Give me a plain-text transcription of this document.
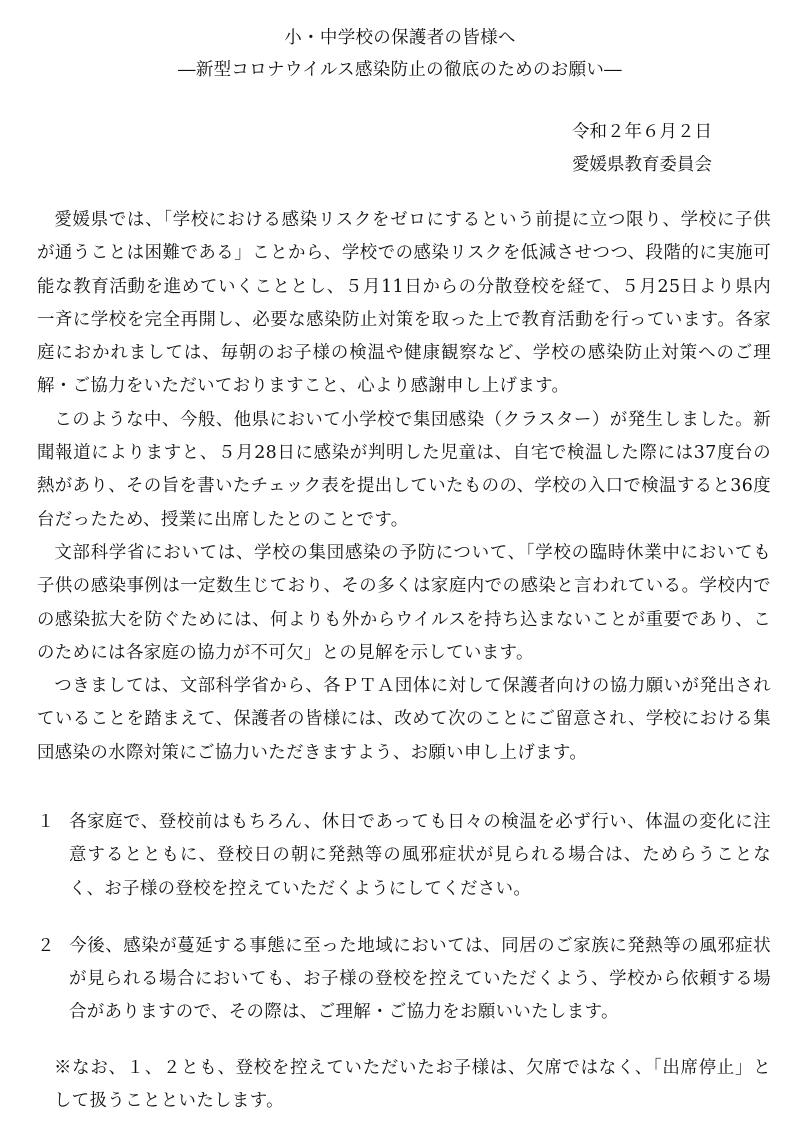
小・中学校の保護者の皆様へ
―新型コロナウイルス感染防止の徹底のためのお願い―
令和２年６月２日
愛媛県教育委員会

愛媛県では、「学校における感染リスクをゼロにするという前提に立つ限り、学校に子供が通うことは困難である」ことから、学校での感染リスクを低減させつつ、段階的に実施可能な教育活動を進めていくこととし、５月11日からの分散登校を経て、５月25日より県内一斉に学校を完全再開し、必要な感染防止対策を取った上で教育活動を行っています。各家庭におかれましては、毎朝のお子様の検温や健康観察など、学校の感染防止対策へのご理解・ご協力をいただいておりますこと、心より感謝申し上げます。

このような中、今般、他県において小学校で集団感染（クラスター）が発生しました。新聞報道によりますと、５月28日に感染が判明した児童は、自宅で検温した際には37度台の熱があり、その旨を書いたチェック表を提出していたものの、学校の入口で検温すると36度台だったため、授業に出席したとのことです。

文部科学省においては、学校の集団感染の予防について、「学校の臨時休業中においても子供の感染事例は一定数生じており、その多くは家庭内での感染と言われている。学校内での感染拡大を防ぐためには、何よりも外からウイルスを持ち込まないことが重要であり、このためには各家庭の協力が不可欠」との見解を示しています。

つきましては、文部科学省から、各ＰＴＡ団体に対して保護者向けの協力願いが発出されていることを踏まえて、保護者の皆様には、改めて次のことにご留意され、学校における集団感染の水際対策にご協力いただきますよう、お願い申し上げます。

１ 各家庭で、登校前はもちろん、休日であっても日々の検温を必ず行い、体温の変化に注意するとともに、登校日の朝に発熱等の風邪症状が見られる場合は、ためらうことなく、お子様の登校を控えていただくようにしてください。

２ 今後、感染が蔓延する事態に至った地域においては、同居のご家族に発熱等の風邪症状が見られる場合においても、お子様の登校を控えていただくよう、学校から依頼する場合がありますので、その際は、ご理解・ご協力をお願いいたします。

※なお、１、２とも、登校を控えていただいたお子様は、欠席ではなく、「出席停止」として扱うことといたします。
